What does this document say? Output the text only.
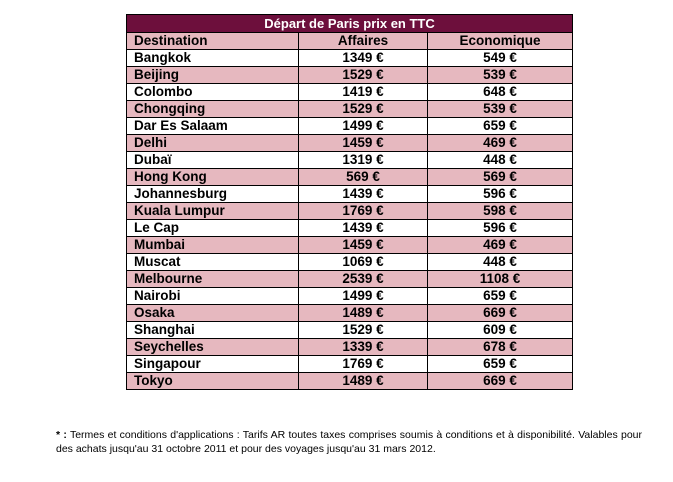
Départ de Paris prix en TTC		
Destination	Affaires	Economique
Bangkok	1349 €	549 €
Beijing	1529 €	539 €
Colombo	1419 €	648 €
Chongqing	1529 €	539 €
Dar Es Salaam	1499 €	659 €
Delhi	1459 €	469 €
Dubaï	1319 €	448 €
Hong Kong	569 €	569 €
Johannesburg	1439 €	596 €
Kuala Lumpur	1769 €	598 €
Le Cap	1439 €	596 €
Mumbai	1459 €	469 €
Muscat	1069 €	448 €
Melbourne	2539 €	1108 €
Nairobi	1499 €	659 €
Osaka	1489 €	669 €
Shanghai	1529 €	609 €
Seychelles	1339 €	678 €
Singapour	1769 €	659 €
Tokyo	1489 €	669 €
* : Termes et conditions d'applications : Tarifs AR toutes taxes comprises soumis à conditions et à disponibilité. Valables pour des achats jusqu'au 31 octobre 2011 et pour des voyages jusqu'au 31 mars 2012.
